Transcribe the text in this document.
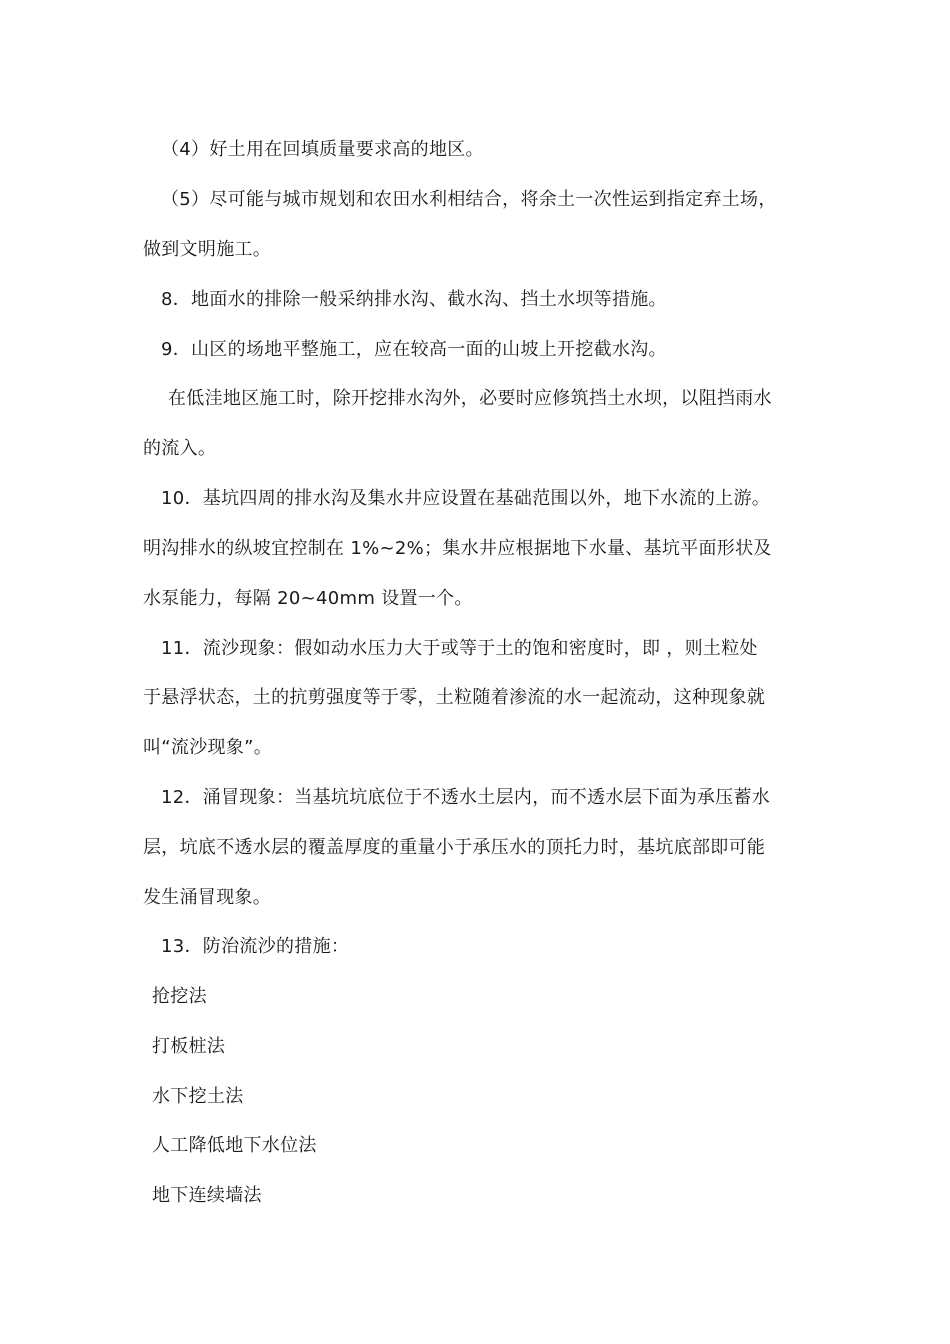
（4）好土用在回填质量要求高的地区。
（5）尽可能与城市规划和农田水利相结合，将余土一次性运到指定弃土场，
做到文明施工。
8．地面水的排除一般采纳排水沟、截水沟、挡土水坝等措施。
9．山区的场地平整施工，应在较高一面的山坡上开挖截水沟。
在低洼地区施工时，除开挖排水沟外，必要时应修筑挡土水坝，以阻挡雨水
的流入。
10．基坑四周的排水沟及集水井应设置在基础范围以外，地下水流的上游。
明沟排水的纵坡宜控制在 1%~2%；集水井应根据地下水量、基坑平面形状及
水泵能力，每隔 20~40mm 设置一个。
11．流沙现象：假如动水压力大于或等于土的饱和密度时，即 ，则土粒处
于悬浮状态，土的抗剪强度等于零，土粒随着渗流的水一起流动，这种现象就
叫“流沙现象”。
12．涌冒现象：当基坑坑底位于不透水土层内，而不透水层下面为承压蓄水
层，坑底不透水层的覆盖厚度的重量小于承压水的顶托力时，基坑底部即可能
发生涌冒现象。
13．防治流沙的措施：
抢挖法
打板桩法
水下挖土法
人工降低地下水位法
地下连续墙法
